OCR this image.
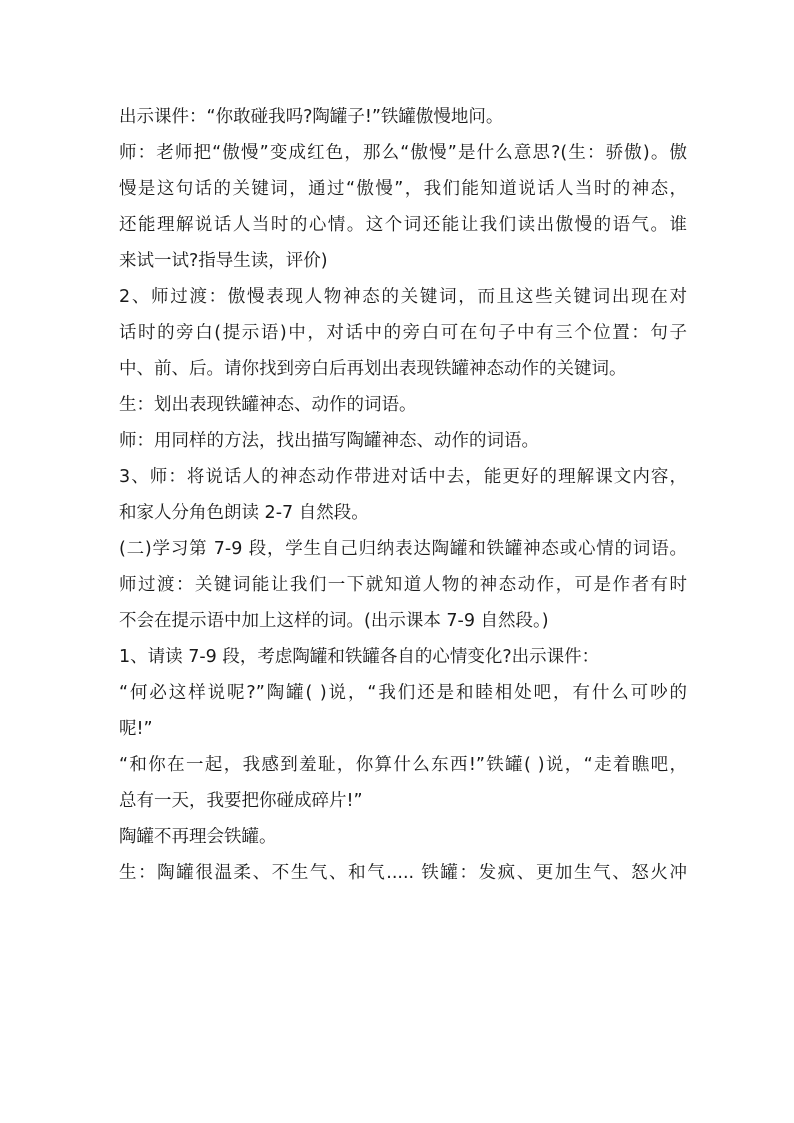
出示课件：“你敢碰我吗?陶罐子!”铁罐傲慢地问。

师：老师把“傲慢”变成红色，那么“傲慢”是什么意思?(生：骄傲)。傲

慢是这句话的关键词，通过“傲慢”，我们能知道说话人当时的神态，

还能理解说话人当时的心情。这个词还能让我们读出傲慢的语气。谁

来试一试?指导生读，评价)

2、师过渡：傲慢表现人物神态的关键词，而且这些关键词出现在对

话时的旁白(提示语)中，对话中的旁白可在句子中有三个位置：句子

中、前、后。请你找到旁白后再划出表现铁罐神态动作的关键词。

生：划出表现铁罐神态、动作的词语。

师：用同样的方法，找出描写陶罐神态、动作的词语。

3、师：将说话人的神态动作带进对话中去，能更好的理解课文内容，

和家人分角色朗读 2-7 自然段。

(二)学习第 7-9 段，学生自己归纳表达陶罐和铁罐神态或心情的词语。

师过渡：关键词能让我们一下就知道人物的神态动作，可是作者有时

不会在提示语中加上这样的词。(出示课本 7-9 自然段。)

1、请读 7-9 段，考虑陶罐和铁罐各自的心情变化?出示课件：

“何必这样说呢?”陶罐( )说，“我们还是和睦相处吧，有什么可吵的

呢!”

“和你在一起，我感到羞耻，你算什么东西!”铁罐( )说，“走着瞧吧，

总有一天，我要把你碰成碎片!”

陶罐不再理会铁罐。

生：陶罐很温柔、不生气、和气..... 铁罐：发疯、更加生气、怒火冲
